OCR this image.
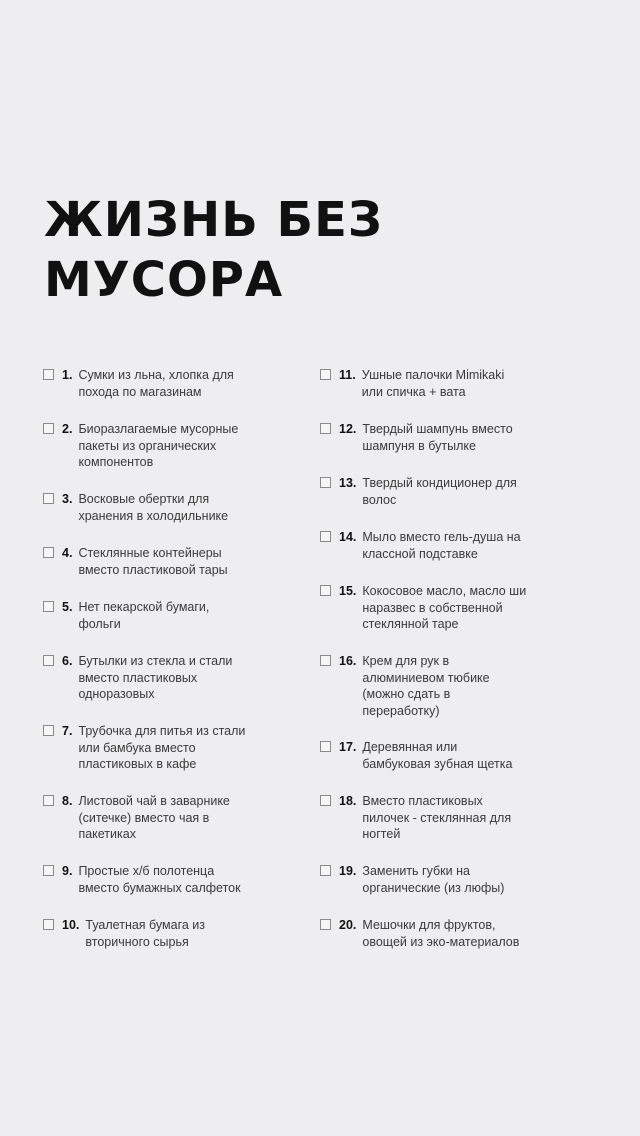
ЖИЗНЬ БЕЗ
МУСОРА
1. Сумки из льна, хлопка для
похода по магазинам
2. Биоразлагаемые мусорные
пакеты из органических
компонентов
3. Восковые обертки для
хранения в холодильнике
4. Стеклянные контейнеры
вместо пластиковой тары
5. Нет пекарской бумаги,
фольги
6. Бутылки из стекла и стали
вместо пластиковых
одноразовых
7. Трубочка для питья из стали
или бамбука вместо
пластиковых в кафе
8. Листовой чай в заварнике
(ситечке) вместо чая в
пакетиках
9. Простые х/б полотенца
вместо бумажных салфеток
10. Туалетная бумага из
вторичного сырья
11. Ушные палочки Mimikaki
или спичка + вата
12. Твердый шампунь вместо
шампуня в бутылке
13. Твердый кондиционер для
волос
14. Мыло вместо гель-душа на
классной подставке
15. Кокосовое масло, масло ши
наразвес в собственной
стеклянной таре
16. Крем для рук в
алюминиевом тюбике
(можно сдать в
переработку)
17. Деревянная или
бамбуковая зубная щетка
18. Вместо пластиковых
пилочек - стеклянная для
ногтей
19. Заменить губки на
органические (из люфы)
20. Мешочки для фруктов,
овощей из эко-материалов
